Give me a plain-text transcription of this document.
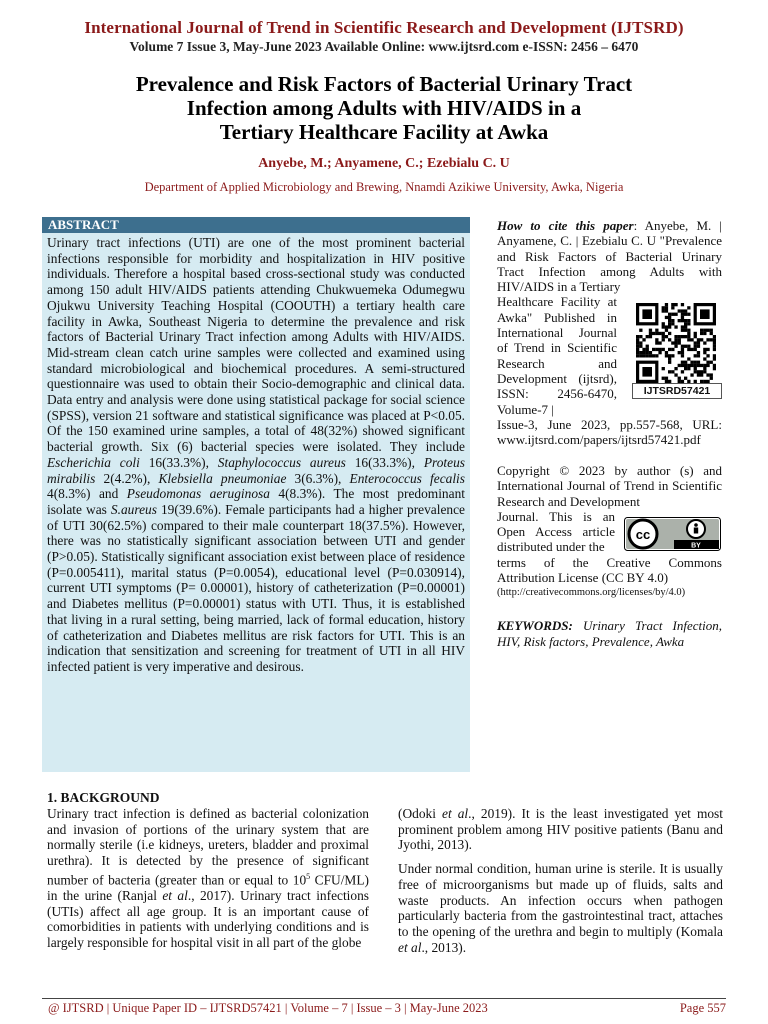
International Journal of Trend in Scientific Research and Development (IJTSRD)
Volume 7 Issue 3, May-June 2023 Available Online: www.ijtsrd.com e-ISSN: 2456 – 6470
Prevalence and Risk Factors of Bacterial Urinary Tract
Infection among Adults with HIV/AIDS in a
Tertiary Healthcare Facility at Awka
Anyebe, M.; Anyamene, C.; Ezebialu C. U
Department of Applied Microbiology and Brewing, Nnamdi Azikiwe University, Awka, Nigeria
ABSTRACT
Urinary tract infections (UTI) are one of the most prominent bacterial infections responsible for morbidity and hospitalization in HIV positive individuals. Therefore a hospital based cross-sectional study was conducted among 150 adult HIV/AIDS patients attending Chukwuemeka Odumegwu Ojukwu University Teaching Hospital (COOUTH) a tertiary health care facility in Awka, Southeast Nigeria to determine the prevalence and risk factors of Bacterial Urinary Tract infection among Adults with HIV/AIDS. Mid-stream clean catch urine samples were collected and examined using standard microbiological and biochemical procedures. A semi-structured questionnaire was used to obtain their Socio-demographic and clinical data. Data entry and analysis were done using statistical package for social science (SPSS), version 21 software and statistical significance was placed at P<0.05. Of the 150 examined urine samples, a total of 48(32%) showed significant bacterial growth. Six (6) bacterial species were isolated. They include Escherichia coli 16(33.3%), Staphylococcus aureus 16(33.3%), Proteus mirabilis 2(4.2%), Klebsiella pneumoniae 3(6.3%), Enterococcus fecalis 4(8.3%) and Pseudomonas aeruginosa 4(8.3%). The most predominant isolate was S.aureus 19(39.6%). Female participants had a higher prevalence of UTI 30(62.5%) compared to their male counterpart 18(37.5%). However, there was no statistically significant association between UTI and gender (P>0.05). Statistically significant association exist between place of residence (P=0.005411), marital status (P=0.0054), educational level (P=0.030914), current UTI symptoms (P= 0.00001), history of catheterization (P=0.00001) and Diabetes mellitus (P=0.00001) status with UTI. Thus, it is established that living in a rural setting, being married, lack of formal education, history of catheterization and Diabetes mellitus are risk factors for UTI. This is an indication that sensitization and screening for treatment of UTI in all HIV infected patient is very imperative and desirous.
How to cite this paper: Anyebe, M. | Anyamene, C. | Ezebialu C. U "Prevalence and Risk Factors of Bacterial Urinary Tract Infection among Adults with HIV/AIDS in a Tertiary
Healthcare Facility at Awka" Published in International Journal of Trend in Scientific Research and Development (ijtsrd), ISSN: 2456-6470, Volume-7 |
Issue-3, June 2023, pp.557-568, URL: www.ijtsrd.com/papers/ijtsrd57421.pdf
IJTSRD57421
Copyright © 2023 by author (s) and International Journal of Trend in Scientific Research and Development
Journal. This is an Open Access article distributed under the
terms of the Creative Commons Attribution License (CC BY 4.0)
(http://creativecommons.org/licenses/by/4.0)
cc
BY
KEYWORDS: Urinary Tract Infection, HIV, Risk factors, Prevalence, Awka
1. BACKGROUND
Urinary tract infection is defined as bacterial colonization and invasion of portions of the urinary system that are normally sterile (i.e kidneys, ureters, bladder and proximal urethra). It is detected by the presence of significant number of bacteria (greater than or equal to $10^5$ CFU/ML) in the urine (Ranjal et al., 2017). Urinary tract infections (UTIs) affect all age group. It is an important cause of comorbidities in patients with underlying conditions and is largely responsible for hospital visit in all part of the globe

(Odoki et al., 2019). It is the least investigated yet most prominent problem among HIV positive patients (Banu and Jyothi, 2013).

Under normal condition, human urine is sterile. It is usually free of microorganisms but made up of fluids, salts and waste products. An infection occurs when pathogen particularly bacteria from the gastrointestinal tract, attaches to the opening of the urethra and begin to multiply (Komala et al., 2013).

@ IJTSRD | Unique Paper ID – IJTSRD57421 | Volume – 7 | Issue – 3 | May-June 2023	Page 557
